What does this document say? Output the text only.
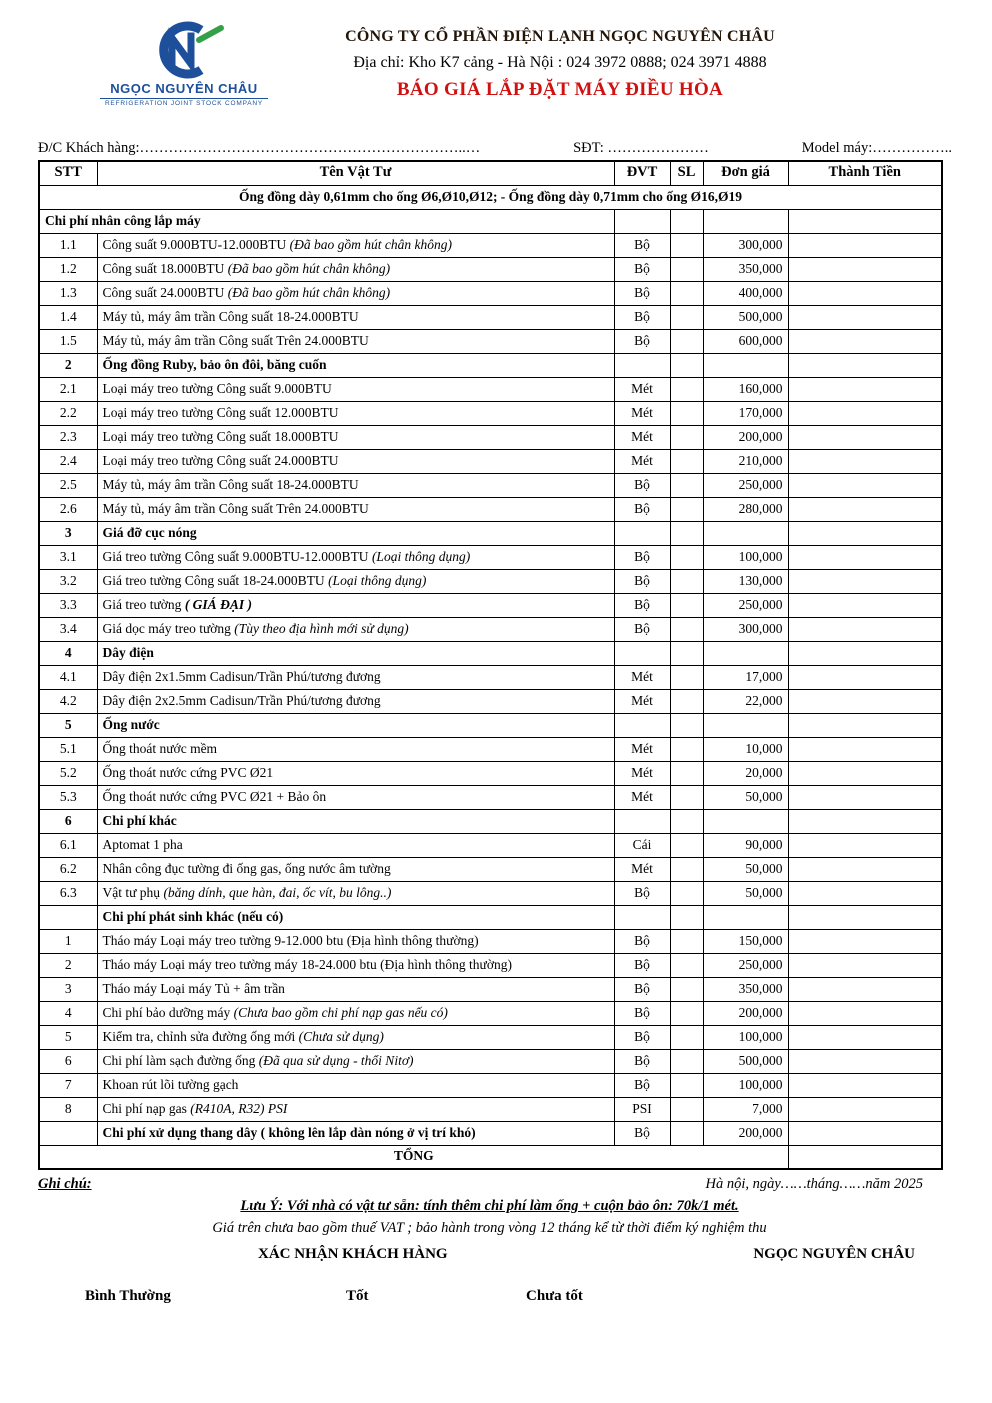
NGỌC NGUYÊN CHÂU
REFRIGERATION JOINT STOCK COMPANY
CÔNG TY CỔ PHẦN ĐIỆN LẠNH NGỌC NGUYÊN CHÂU
Địa chỉ: Kho K7 cảng - Hà Nội : 024 3972 0888; 024 3971 4888
BÁO GIÁ LẮP ĐẶT MÁY ĐIỀU HÒA
Đ/C Khách hàng:…………………………………………………………..…	SĐT: …………………	Model máy:……………..
STT	Tên Vật Tư	ĐVT	SL	Đơn giá	Thành Tiền
Ống đồng dày 0,61mm cho ống Ø6,Ø10,Ø12; - Ống đồng dày 0,71mm cho ống Ø16,Ø19					
Chi phí nhân công lắp máy					
1.1	Công suất 9.000BTU-12.000BTU (Đã bao gồm hút chân không)	Bộ		300,000	
1.2	Công suất 18.000BTU (Đã bao gồm hút chân không)	Bộ		350,000	
1.3	Công suất 24.000BTU (Đã bao gồm hút chân không)	Bộ		400,000	
1.4	Máy tủ, máy âm trần Công suất 18-24.000BTU	Bộ		500,000	
1.5	Máy tủ, máy âm trần Công suất Trên 24.000BTU	Bộ		600,000	
2	Ống đồng Ruby, bảo ôn đôi, băng cuốn				
2.1	Loại máy treo tường Công suất 9.000BTU	Mét		160,000	
2.2	Loại máy treo tường Công suất 12.000BTU	Mét		170,000	
2.3	Loại máy treo tường Công suất 18.000BTU	Mét		200,000	
2.4	Loại máy treo tường Công suất 24.000BTU	Mét		210,000	
2.5	Máy tủ, máy âm trần Công suất 18-24.000BTU	Bộ		250,000	
2.6	Máy tủ, máy âm trần Công suất Trên 24.000BTU	Bộ		280,000	
3	Giá đỡ cục nóng				
3.1	Giá treo tường Công suất 9.000BTU-12.000BTU (Loại thông dụng)	Bộ		100,000	
3.2	Giá treo tường Công suất 18-24.000BTU (Loại thông dụng)	Bộ		130,000	
3.3	Giá treo tường ( GIÁ ĐẠI )	Bộ		250,000	
3.4	Giá dọc máy treo tường (Tùy theo địa hình mới sử dụng)	Bộ		300,000	
4	Dây điện				
4.1	Dây điện 2x1.5mm Cadisun/Trần Phú/tương đương	Mét		17,000	
4.2	Dây điện 2x2.5mm Cadisun/Trần Phú/tương đương	Mét		22,000	
5	Ống nước				
5.1	Ống thoát nước mềm	Mét		10,000	
5.2	Ống thoát nước cứng PVC Ø21	Mét		20,000	
5.3	Ống thoát nước cứng PVC Ø21 + Bảo ôn	Mét		50,000	
6	Chi phí khác				
6.1	Aptomat 1 pha	Cái		90,000	
6.2	Nhân công đục tường đi ống gas, ống nước âm tường	Mét		50,000	
6.3	Vật tư phụ (băng dính, que hàn, đai, ốc vít, bu lông..)	Bộ		50,000	
	Chi phí phát sinh khác (nếu có)				
1	Tháo máy Loại máy treo tường 9-12.000 btu (Địa hình thông thường)	Bộ		150,000	
2	Tháo máy Loại máy treo tường máy 18-24.000 btu (Địa hình thông thường)	Bộ		250,000	
3	Tháo máy Loại máy Tủ + âm trần	Bộ		350,000	
4	Chi phí bảo dưỡng máy (Chưa bao gồm chi phí nạp gas nếu có)	Bộ		200,000	
5	Kiểm tra, chỉnh sửa đường ống mới (Chưa sử dụng)	Bộ		100,000	
6	Chi phí làm sạch đường ống (Đã qua sử dụng - thổi Nitơ)	Bộ		500,000	
7	Khoan rút lõi tường gạch	Bộ		100,000	
8	Chi phí nạp gas (R410A, R32) PSI	PSI		7,000	
	Chi phí xử dụng thang dây ( không lên lắp dàn nóng ở vị trí khó)	Bộ		200,000	
TỔNG					
Ghi chú:	Hà nội, ngày……tháng……năm 2025
Lưu Ý: Với nhà có vật tư sẵn: tính thêm chi phí làm ống + cuộn bảo ôn: 70k/1 mét.
Giá trên chưa bao gồm thuế VAT ; bảo hành trong vòng 12 tháng kể từ thời điểm ký nghiệm thu
XÁC NHẬN KHÁCH HÀNG	NGỌC NGUYÊN CHÂU
Bình Thường	Tốt	Chưa tốt
